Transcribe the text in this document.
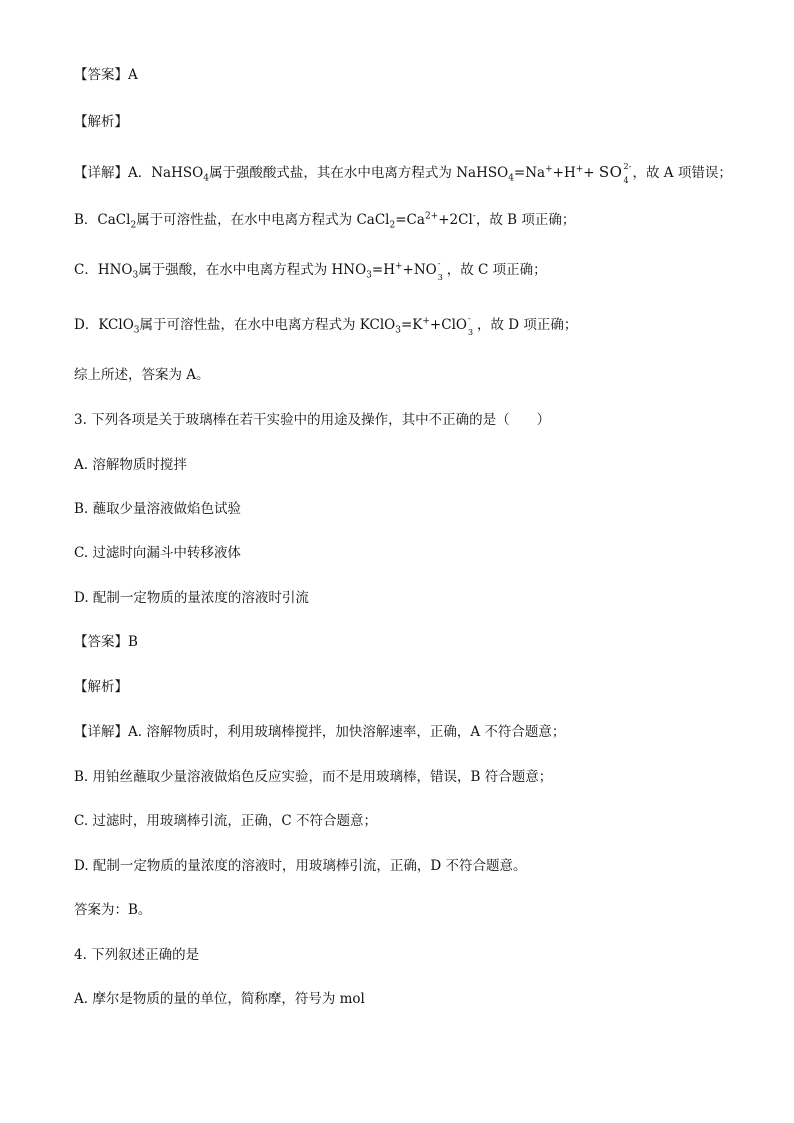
【答案】A
【解析】
【详解】A．NaHSO$_4$属于强酸酸式盐，其在水中电离方程式为 NaHSO$_4$=Na++H++ SO 2-
4 ，故 A 项错误；
B．CaCl$_2$属于可溶性盐，在水中电离方程式为 $CaCl_2=Ca^{2+}+2Cl^-$，故 B 项正确；
C．$HNO_3$属于强酸，在水中电离方程式为 $HNO_3=H^++NO$ -
3 ，故 C 项正确；
D．KClO$_3$属于可溶性盐，在水中电离方程式为 KClO$_3$=K++ClO -
3 ，故 D 项正确；
综上所述，答案为 A。
3. 下列各项是关于玻璃棒在若干实验中的用途及操作，其中不正确的是（　　）
A. 溶解物质时搅拌
B. 蘸取少量溶液做焰色试验
C. 过滤时向漏斗中转移液体
D. 配制一定物质的量浓度的溶液时引流
【答案】B
【解析】
【详解】A. 溶解物质时，利用玻璃棒搅拌，加快溶解速率，正确，A 不符合题意；
B. 用铂丝蘸取少量溶液做焰色反应实验，而不是用玻璃棒，错误，B 符合题意；
C. 过滤时，用玻璃棒引流，正确，C 不符合题意；
D. 配制一定物质的量浓度的溶液时，用玻璃棒引流，正确，D 不符合题意。
答案为：B。
4. 下列叙述正确的是
A. 摩尔是物质的量的单位，简称摩，符号为 mol
